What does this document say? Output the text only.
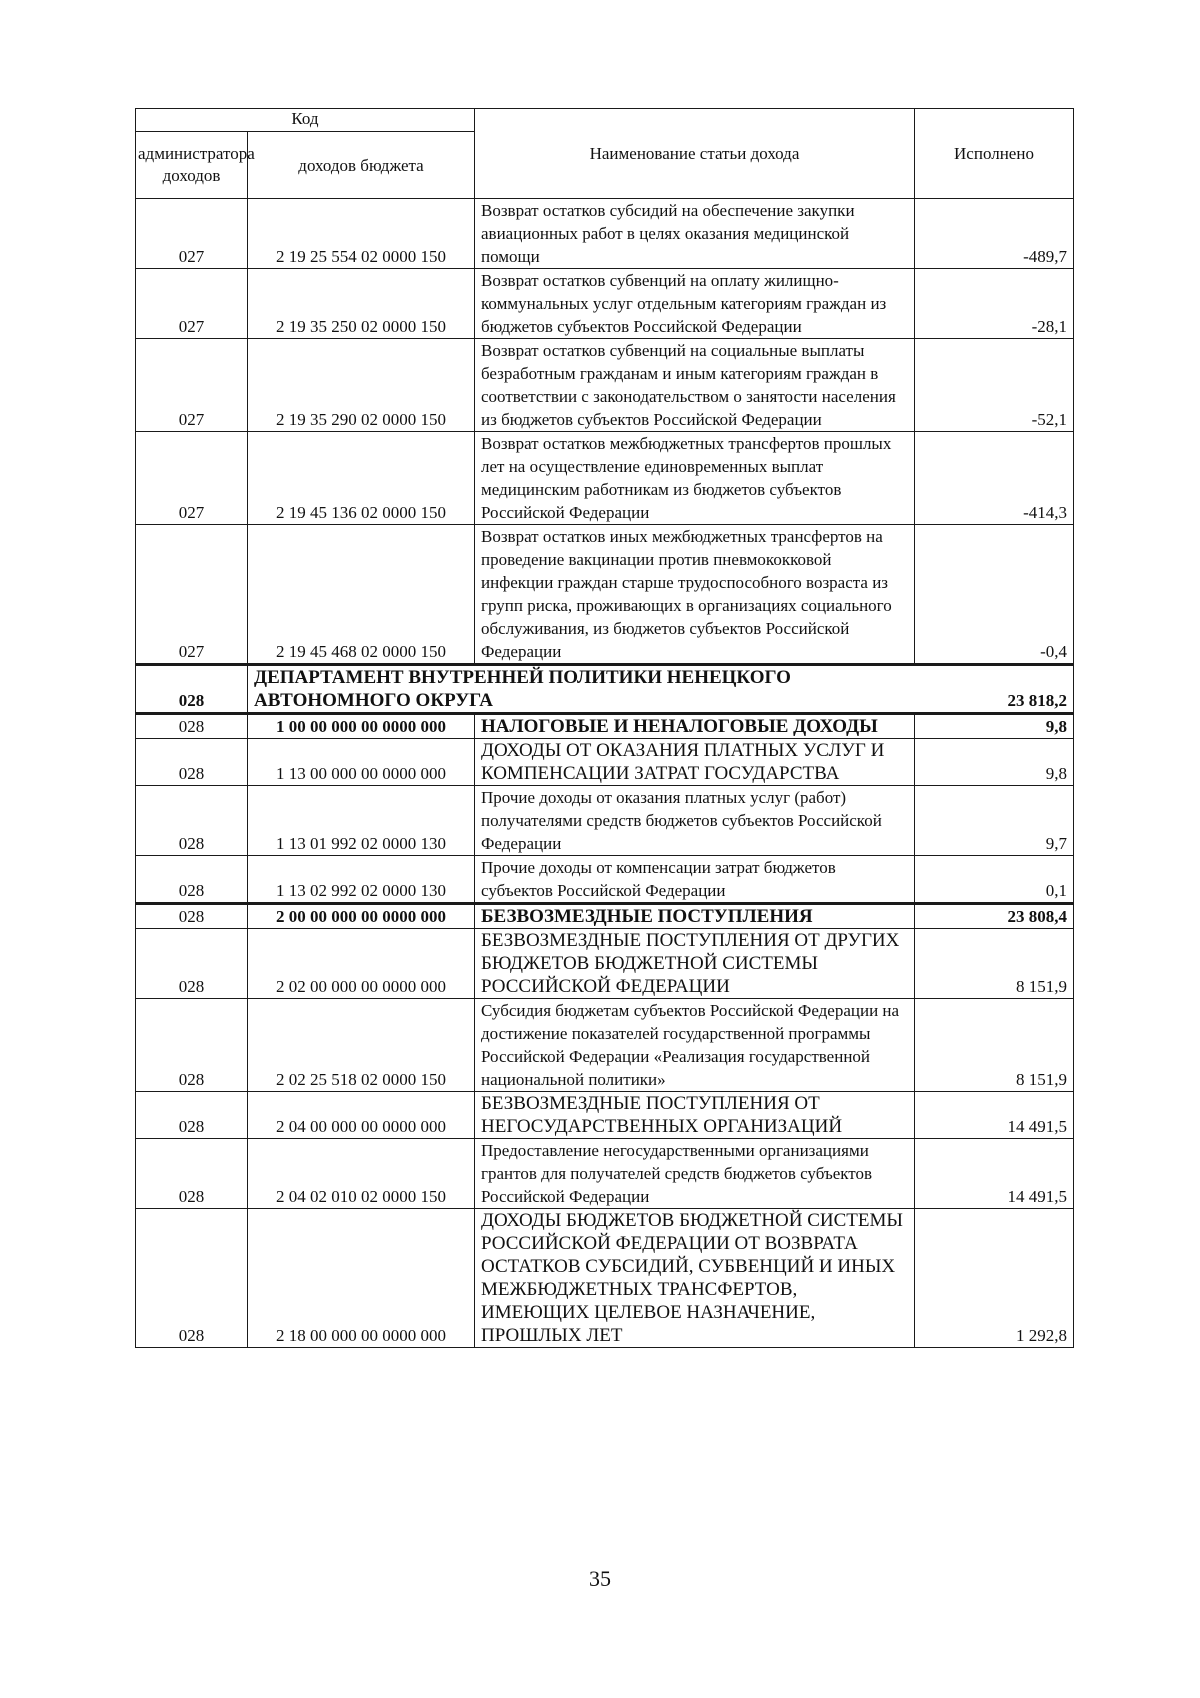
Код		Наименование статьи дохода	Исполнено
администратора доходов	доходов бюджета		
027	2 19 25 554 02 0000 150	Возврат остатков субсидий на обеспечение закупки авиационных работ в целях оказания медицинской помощи	-489,7
027	2 19 35 250 02 0000 150	Возврат остатков субвенций на оплату жилищно-коммунальных услуг отдельным категориям граждан из бюджетов субъектов Российской Федерации	-28,1
027	2 19 35 290 02 0000 150	Возврат остатков субвенций на социальные выплаты безработным гражданам и иным категориям граждан в соответствии с законодательством о занятости населения из бюджетов субъектов Российской Федерации	-52,1
027	2 19 45 136 02 0000 150	Возврат остатков межбюджетных трансфертов прошлых лет на осуществление единовременных выплат медицинским работникам из бюджетов субъектов Российской Федерации	-414,3
027	2 19 45 468 02 0000 150	Возврат остатков иных межбюджетных трансфертов на проведение вакцинации против пневмококковой инфекции граждан старше трудоспособного возраста из групп риска, проживающих в организациях социального обслуживания, из бюджетов субъектов Российской Федерации	-0,4
028	ДЕПАРТАМЕНТ ВНУТРЕННЕЙ ПОЛИТИКИ НЕНЕЦКОГО АВТОНОМНОГО ОКРУГА		23 818,2
028	1 00 00 000 00 0000 000	НАЛОГОВЫЕ И НЕНАЛОГОВЫЕ ДОХОДЫ	9,8
028	1 13 00 000 00 0000 000	ДОХОДЫ ОТ ОКАЗАНИЯ ПЛАТНЫХ УСЛУГ И КОМПЕНСАЦИИ ЗАТРАТ ГОСУДАРСТВА	9,8
028	1 13 01 992 02 0000 130	Прочие доходы от оказания платных услуг (работ) получателями средств бюджетов субъектов Российской Федерации	9,7
028	1 13 02 992 02 0000 130	Прочие доходы от компенсации затрат бюджетов субъектов Российской Федерации	0,1
028	2 00 00 000 00 0000 000	БЕЗВОЗМЕЗДНЫЕ ПОСТУПЛЕНИЯ	23 808,4
028	2 02 00 000 00 0000 000	БЕЗВОЗМЕЗДНЫЕ ПОСТУПЛЕНИЯ ОТ ДРУГИХ БЮДЖЕТОВ БЮДЖЕТНОЙ СИСТЕМЫ РОССИЙСКОЙ ФЕДЕРАЦИИ	8 151,9
028	2 02 25 518 02 0000 150	Субсидия бюджетам субъектов Российской Федерации на достижение показателей государственной программы Российской Федерации «Реализация государственной национальной политики»	8 151,9
028	2 04 00 000 00 0000 000	БЕЗВОЗМЕЗДНЫЕ ПОСТУПЛЕНИЯ ОТ НЕГОСУДАРСТВЕННЫХ ОРГАНИЗАЦИЙ	14 491,5
028	2 04 02 010 02 0000 150	Предоставление негосударственными организациями грантов для получателей средств бюджетов субъектов Российской Федерации	14 491,5
028	2 18 00 000 00 0000 000	ДОХОДЫ БЮДЖЕТОВ БЮДЖЕТНОЙ СИСТЕМЫ РОССИЙСКОЙ ФЕДЕРАЦИИ ОТ ВОЗВРАТА ОСТАТКОВ СУБСИДИЙ, СУБВЕНЦИЙ И ИНЫХ МЕЖБЮДЖЕТНЫХ ТРАНСФЕРТОВ, ИМЕЮЩИХ ЦЕЛЕВОЕ НАЗНАЧЕНИЕ, ПРОШЛЫХ ЛЕТ	1 292,8
35
